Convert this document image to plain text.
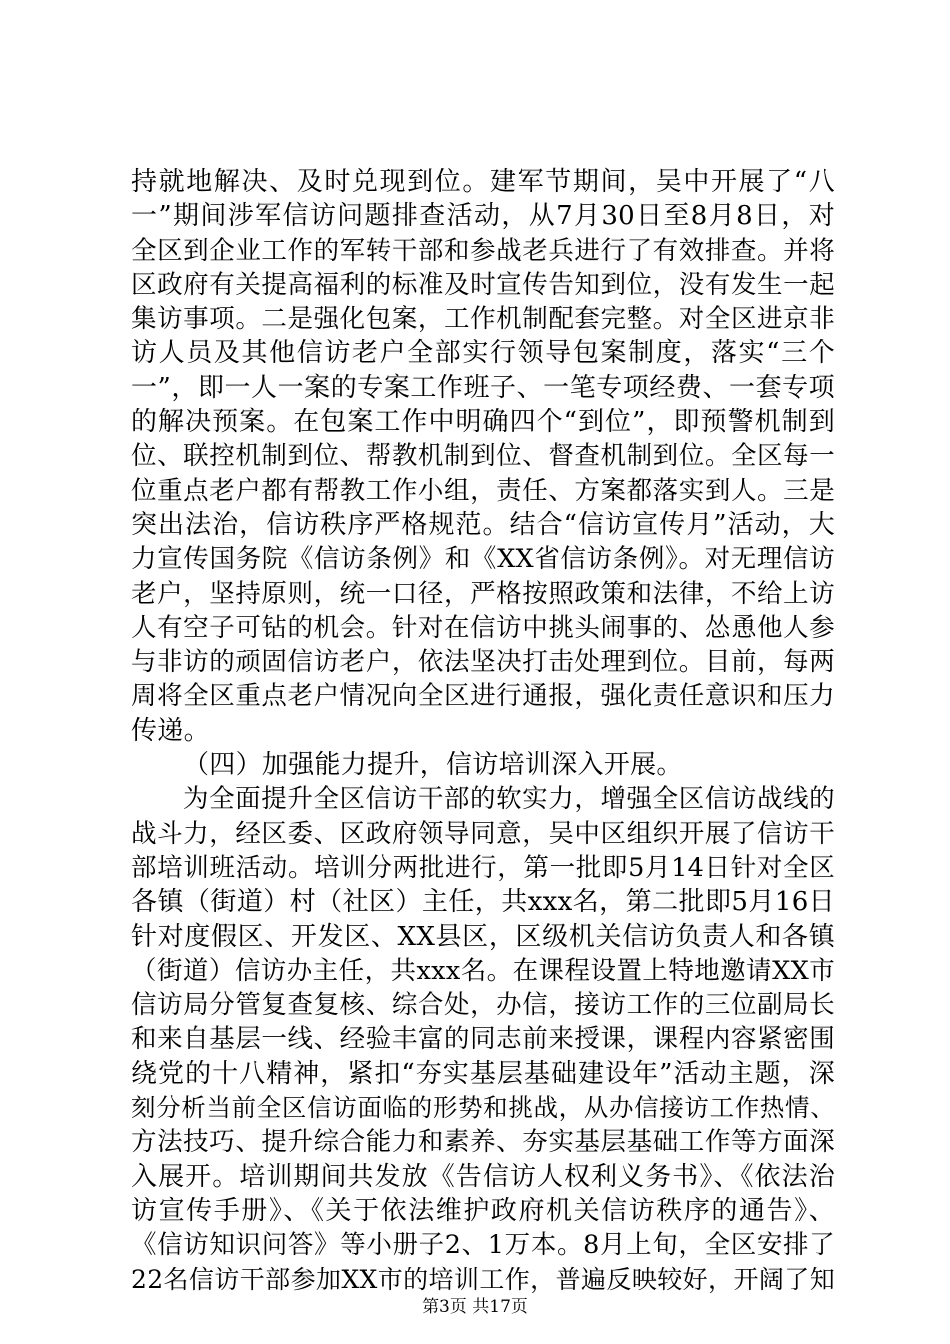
持就地解决、及时兑现到位。建军节期间，吴中开展了“八
一”期间涉军信访问题排查活动，从7月30日至8月8日，对
全区到企业工作的军转干部和参战老兵进行了有效排查。并将
区政府有关提高福利的标准及时宣传告知到位，没有发生一起
集访事项。二是强化包案，工作机制配套完整。对全区进京非
访人员及其他信访老户全部实行领导包案制度，落实“三个
一”，即一人一案的专案工作班子、一笔专项经费、一套专项
的解决预案。在包案工作中明确四个“到位”，即预警机制到
位、联控机制到位、帮教机制到位、督查机制到位。全区每一
位重点老户都有帮教工作小组，责任、方案都落实到人。三是
突出法治，信访秩序严格规范。结合“信访宣传月”活动，大
力宣传国务院《信访条例》和《XX省信访条例》。对无理信访
老户，坚持原则，统一口径，严格按照政策和法律，不给上访
人有空子可钻的机会。针对在信访中挑头闹事的、怂恿他人参
与非访的顽固信访老户，依法坚决打击处理到位。目前，每两
周将全区重点老户情况向全区进行通报，强化责任意识和压力
传递。
（四）加强能力提升，信访培训深入开展。
为全面提升全区信访干部的软实力，增强全区信访战线的
战斗力，经区委、区政府领导同意，吴中区组织开展了信访干
部培训班活动。培训分两批进行，第一批即5月14日针对全区
各镇（街道）村（社区）主任，共xxx名，第二批即5月16日
针对度假区、开发区、XX县区，区级机关信访负责人和各镇
（街道）信访办主任，共xxx名。在课程设置上特地邀请XX市
信访局分管复查复核、综合处，办信，接访工作的三位副局长
和来自基层一线、经验丰富的同志前来授课，课程内容紧密围
绕党的十八精神，紧扣“夯实基层基础建设年”活动主题，深
刻分析当前全区信访面临的形势和挑战，从办信接访工作热情、
方法技巧、提升综合能力和素养、夯实基层基础工作等方面深
入展开。培训期间共发放《告信访人权利义务书》、《依法治
访宣传手册》、《关于依法维护政府机关信访秩序的通告》、
《信访知识问答》等小册子2、1万本。8月上旬，全区安排了
22名信访干部参加XX市的培训工作，普遍反映较好，开阔了知
第3页 共17页
